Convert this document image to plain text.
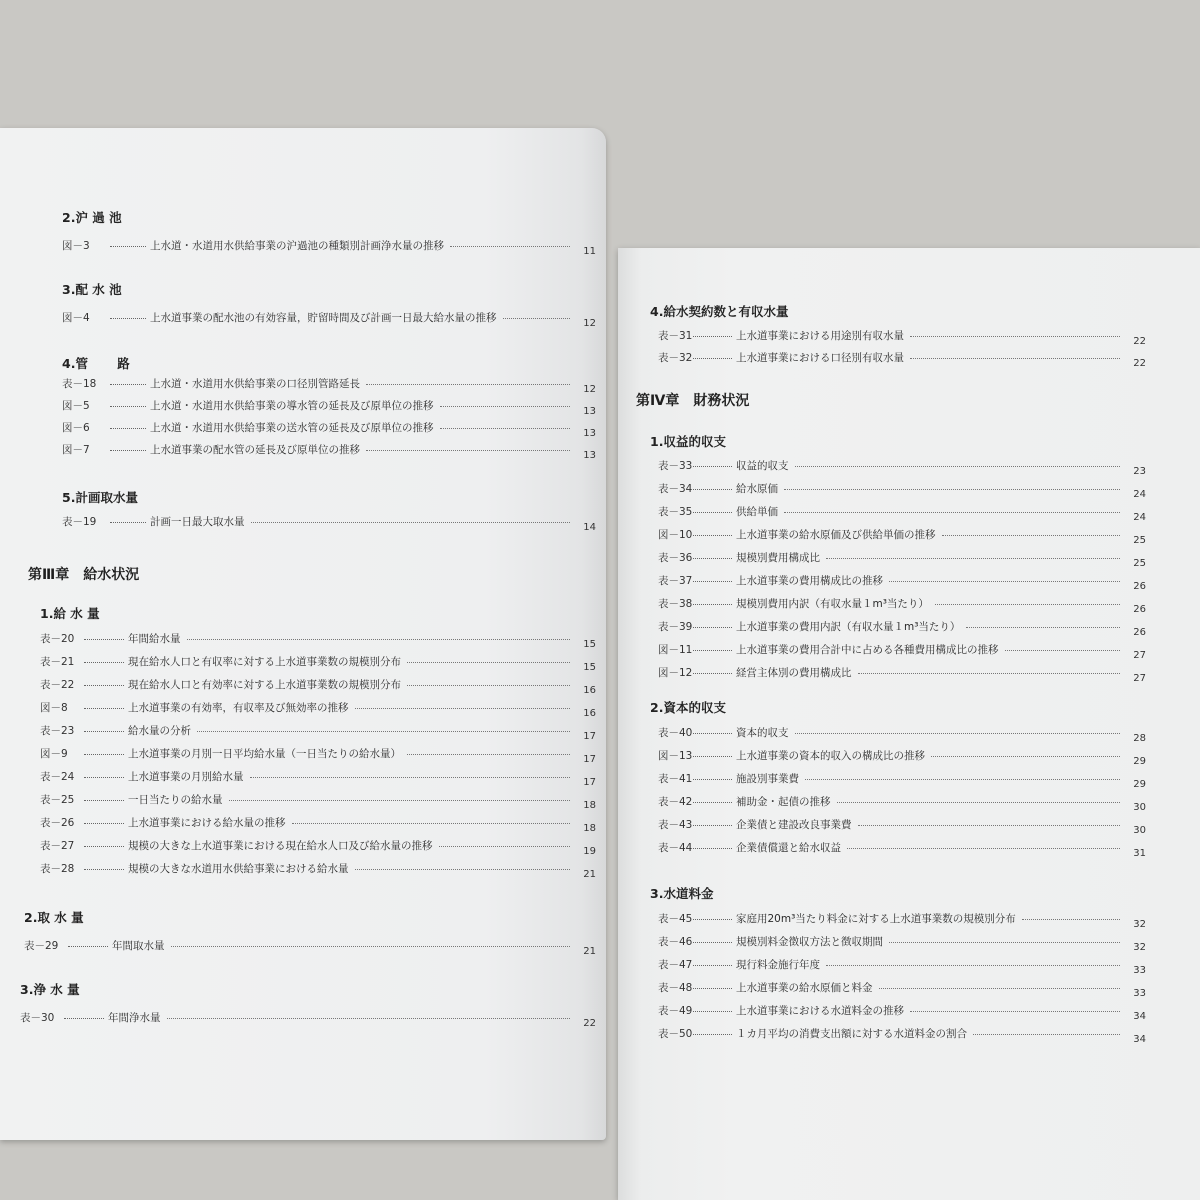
2.沪 過 池
図－3	上水道・水道用水供給事業の沪過池の種類別計画浄水量の推移	11
3.配 水 池
図－4	上水道事業の配水池の有効容量，貯留時間及び計画一日最大給水量の推移	12
4.管　　 路
表－18	上水道・水道用水供給事業の口径別管路延長	12
図－5	上水道・水道用水供給事業の導水管の延長及び原単位の推移	13
図－6	上水道・水道用水供給事業の送水管の延長及び原単位の推移	13
図－7	上水道事業の配水管の延長及び原単位の推移	13
5.計画取水量
表－19	計画一日最大取水量	14
第Ⅲ章　給水状況
1.給 水 量
表－20	年間給水量	15
表－21	現在給水人口と有収率に対する上水道事業数の規模別分布	15
表－22	現在給水人口と有効率に対する上水道事業数の規模別分布	16
図－8	上水道事業の有効率，有収率及び無効率の推移	16
表－23	給水量の分析	17
図－9	上水道事業の月別一日平均給水量（一日当たりの給水量）	17
表－24	上水道事業の月別給水量	17
表－25	一日当たりの給水量	18
表－26	上水道事業における給水量の推移	18
表－27	規模の大きな上水道事業における現在給水人口及び給水量の推移	19
表－28	規模の大きな水道用水供給事業における給水量	21
2.取 水 量
表－29	年間取水量	21
3.浄 水 量
表－30	年間浄水量	22
4.給水契約数と有収水量
表－31	上水道事業における用途別有収水量	22
表－32	上水道事業における口径別有収水量	22
第Ⅳ章　財務状況
1.収益的収支
表－33	収益的収支	23
表－34	給水原価	24
表－35	供給単価	24
図－10	上水道事業の給水原価及び供給単価の推移	25
表－36	規模別費用構成比	25
表－37	上水道事業の費用構成比の推移	26
表－38	規模別費用内訳（有収水量１m³当たり）	26
表－39	上水道事業の費用内訳（有収水量１m³当たり）	26
図－11	上水道事業の費用合計中に占める各種費用構成比の推移	27
図－12	経営主体別の費用構成比	27
2.資本的収支
表－40	資本的収支	28
図－13	上水道事業の資本的収入の構成比の推移	29
表－41	施設別事業費	29
表－42	補助金・起債の推移	30
表－43	企業債と建設改良事業費	30
表－44	企業債償還と給水収益	31
3.水道料金
表－45	家庭用20m³当たり料金に対する上水道事業数の規模別分布	32
表－46	規模別料金徴収方法と徴収期間	32
表－47	現行料金施行年度	33
表－48	上水道事業の給水原価と料金	33
表－49	上水道事業における水道料金の推移	34
表－50	１カ月平均の消費支出額に対する水道料金の割合	34
